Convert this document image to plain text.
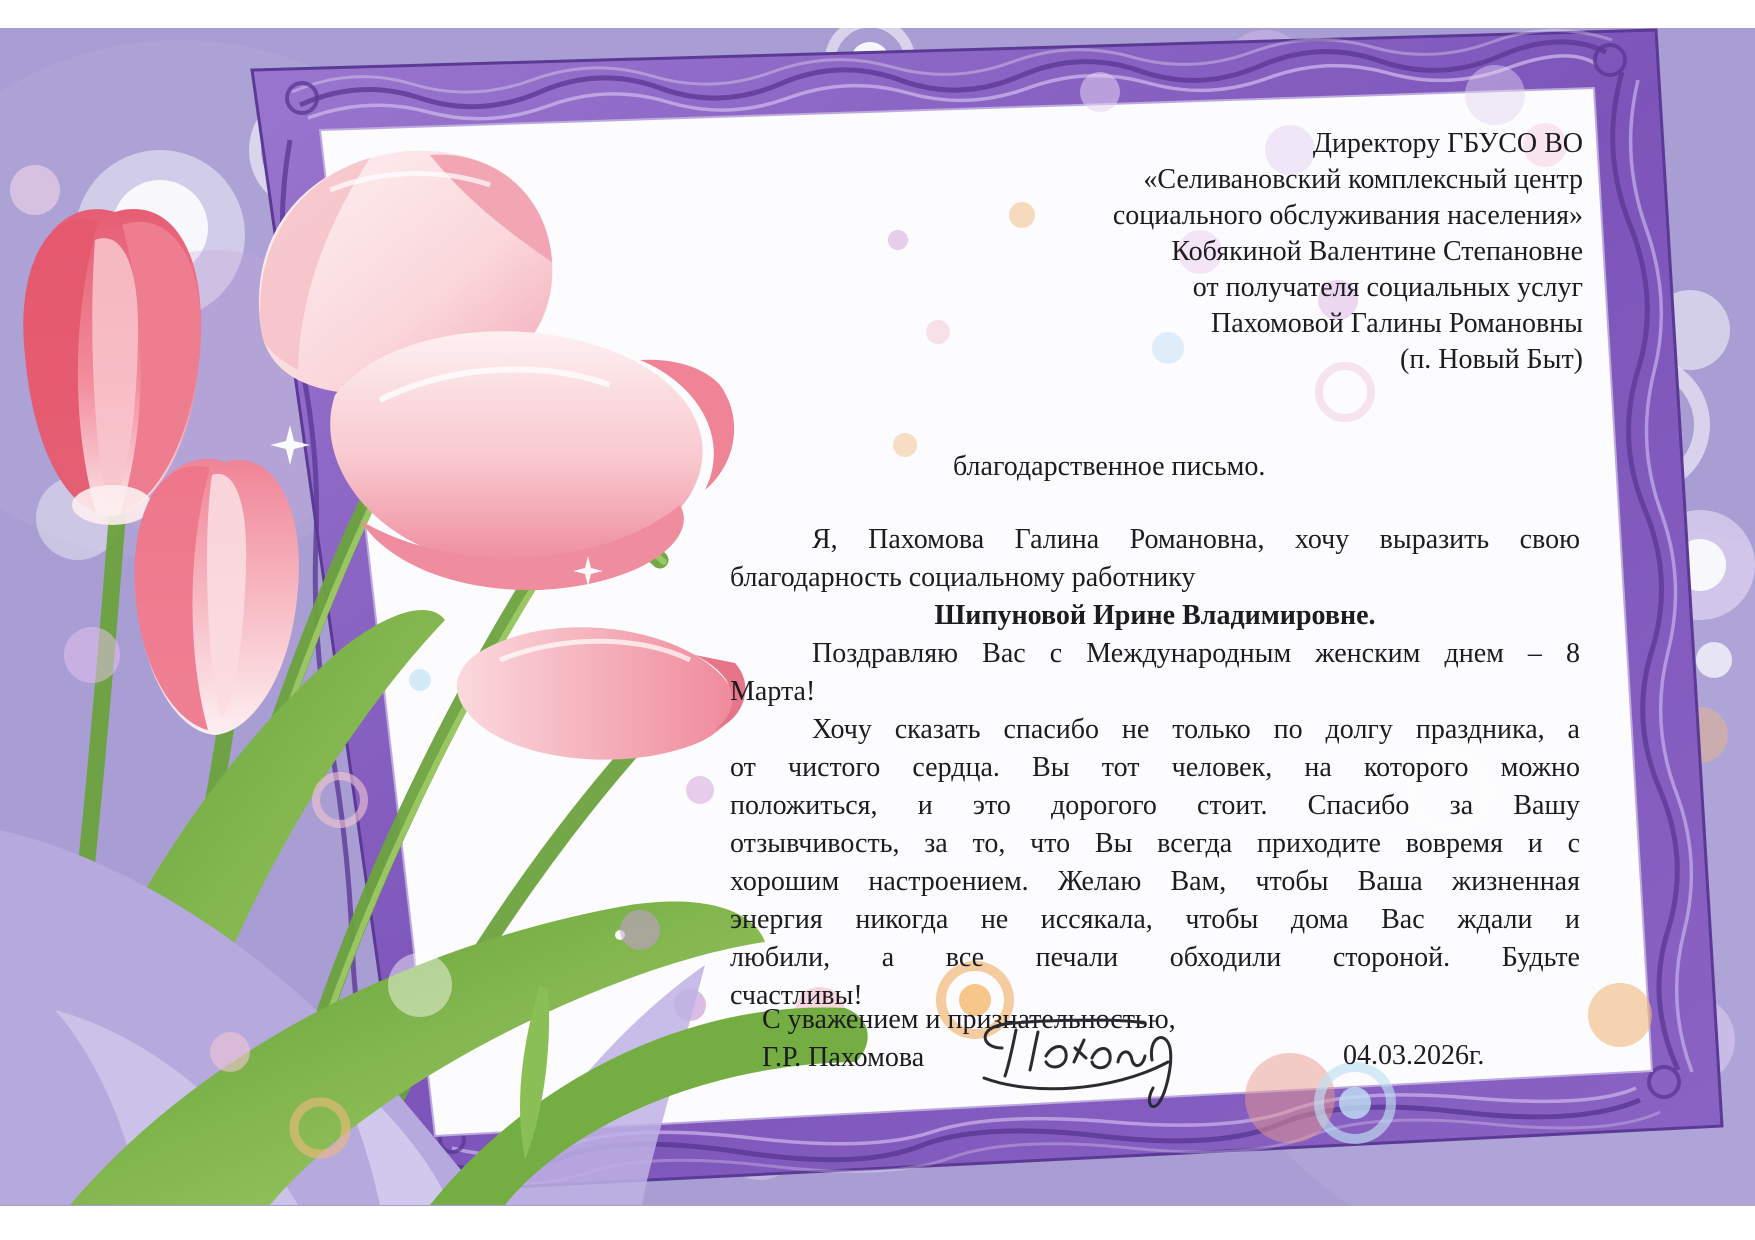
Директору ГБУСО ВО
«Селивановский комплексный центр
социального обслуживания населения»
Кобякиной Валентине Степановне
от получателя социальных услуг
Пахомовой Галины Романовны
(п. Новый Быт)
благодарственное письмо.
Я, Пахомова Галина Романовна, хочу выразить свою
благодарность социальному работнику
Шипуновой Ирине Владимировне.
Поздравляю Вас с Международным женским днем – 8
Марта!
Хочу сказать спасибо не только по долгу праздника, а
от чистого сердца. Вы тот человек, на которого можно
положиться, и это дорогого стоит. Спасибо за Вашу
отзывчивость, за то, что Вы всегда приходите вовремя и с
хорошим настроением. Желаю Вам, чтобы Ваша жизненная
энергия никогда не иссякала, чтобы дома Вас ждали и
любили, а все печали обходили стороной. Будьте
счастливы!
С уважением и признательностью,
Г.Р. Пахомова	04.03.2026г.
